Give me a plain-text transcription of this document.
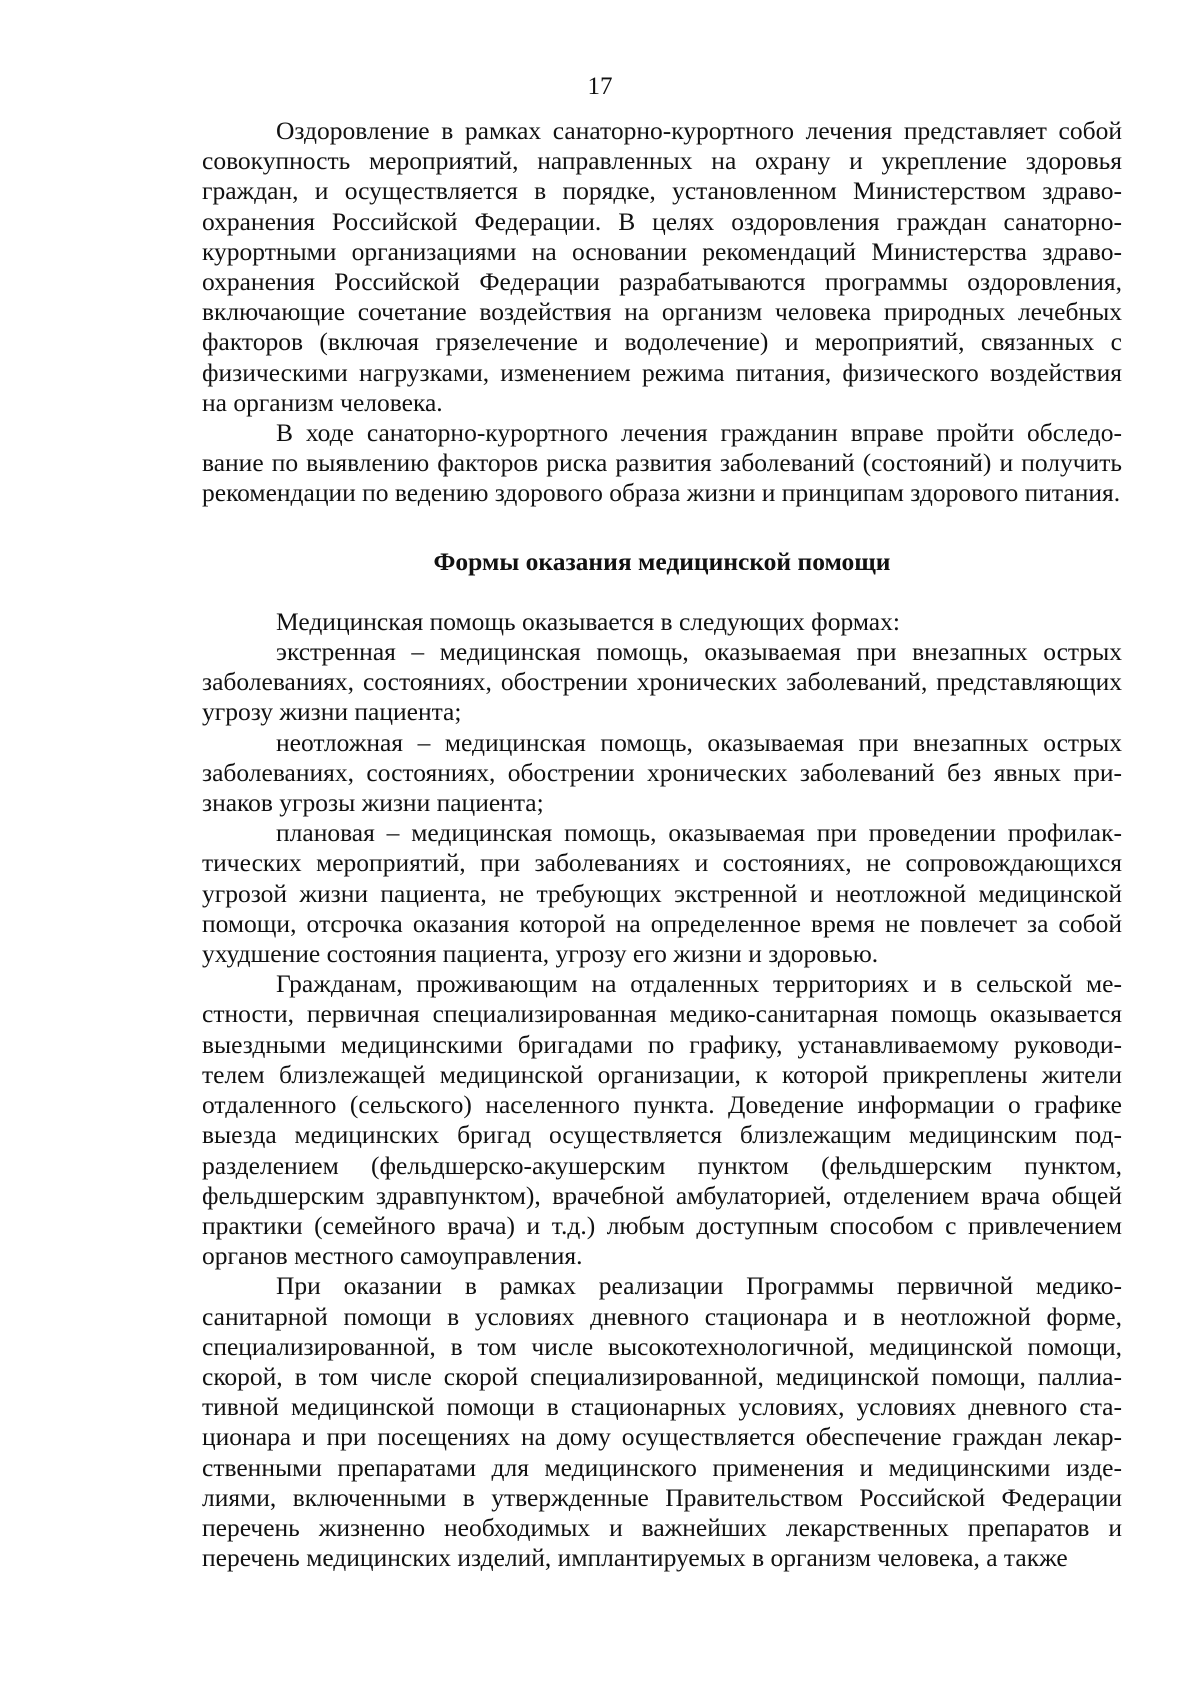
17

Оздоровление в рамках санаторно-курортного лечения представляет собой совокупность мероприятий, направленных на охрану и укрепление здоровья граждан, и осуществляется в порядке, установленном Министерством здравоохранения Российской Федерации. В целях оздоровления граждан санаторно-курортными организациями на основании рекомендаций Министерства здравоохранения Российской Федерации разрабатываются программы оздоровления, включающие сочетание воздействия на организм человека природных лечебных факторов (включая грязелечение и водолечение) и мероприятий, связанных с физическими нагрузками, изменением режима питания, физического воздействия на организм человека.

В ходе санаторно-курортного лечения гражданин вправе пройти обследование по выявлению факторов риска развития заболеваний (состояний) и получить рекомендации по ведению здорового образа жизни и принципам здорового питания.

Формы оказания медицинской помощи

Медицинская помощь оказывается в следующих формах:

экстренная – медицинская помощь, оказываемая при внезапных острых заболеваниях, состояниях, обострении хронических заболеваний, представляющих угрозу жизни пациента;

неотложная – медицинская помощь, оказываемая при внезапных острых заболеваниях, состояниях, обострении хронических заболеваний без явных признаков угрозы жизни пациента;

плановая – медицинская помощь, оказываемая при проведении профилактических мероприятий, при заболеваниях и состояниях, не сопровождающихся угрозой жизни пациента, не требующих экстренной и неотложной медицинской помощи, отсрочка оказания которой на определенное время не повлечет за собой ухудшение состояния пациента, угрозу его жизни и здоровью.

Гражданам, проживающим на отдаленных территориях и в сельской местности, первичная специализированная медико-санитарная помощь оказывается выездными медицинскими бригадами по графику, устанавливаемому руководителем близлежащей медицинской организации, к которой прикреплены жители отдаленного (сельского) населенного пункта. Доведение информации о графике выезда медицинских бригад осуществляется близлежащим медицинским подразделением (фельдшерско-акушерским пунктом (фельдшерским пунктом, фельдшерским здравпунктом), врачебной амбулаторией, отделением врача общей практики (семейного врача) и т.д.) любым доступным способом с привлечением органов местного самоуправления.

При оказании в рамках реализации Программы первичной медико-санитарной помощи в условиях дневного стационара и в неотложной форме, специализированной, в том числе высокотехнологичной, медицинской помощи, скорой, в том числе скорой специализированной, медицинской помощи, паллиативной медицинской помощи в стационарных условиях, условиях дневного стационара и при посещениях на дому осуществляется обеспечение граждан лекарственными препаратами для медицинского применения и медицинскими изделиями, включенными в утвержденные Правительством Российской Федерации перечень жизненно необходимых и важнейших лекарственных препаратов и перечень медицинских изделий, имплантируемых в организм человека, а также
